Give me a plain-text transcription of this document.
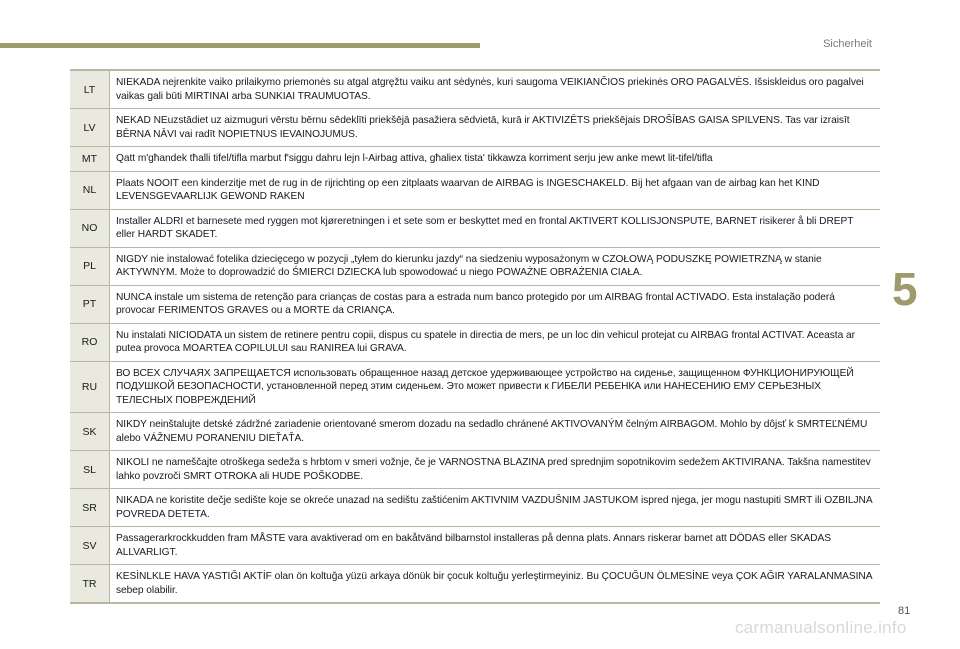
Sicherheit
5
LT	NIEKADA nejrenkite vaiko prilaikymo priemonės su atgal atgręžtu vaiku ant sėdynės, kuri saugoma VEIKIANČIOS priekinės ORO PAGALVĖS. Išsiskleidus oro pagalvei vaikas gali būti MIRTINAI arba SUNKIAI TRAUMUOTAS.
LV	NEKAD NEuzstādiet uz aizmuguri vērstu bērnu sēdeklīti priekšējā pasažiera sēdvietā, kurā ir AKTIVIZĒTS priekšējais DROŠĪBAS GAISA SPILVENS. Tas var izraisīt BĒRNA NĀVI vai radīt NOPIETNUS IEVAINOJUMUS.
MT	Qatt m'għandek tħalli tifel/tifla marbut f'siggu dahru lejn l-Airbag attiva, għaliex tista' tikkawza korriment serju jew anke mewt lit-tifel/tifla
NL	Plaats NOOIT een kinderzitje met de rug in de rijrichting op een zitplaats waarvan de AIRBAG is INGESCHAKELD. Bij het afgaan van de airbag kan het KIND LEVENSGEVAARLIJK GEWOND RAKEN
NO	Installer ALDRI et barnesete med ryggen mot kjøreretningen i et sete som er beskyttet med en frontal AKTIVERT KOLLISJONSPUTE, BARNET risikerer å bli DREPT eller HARDT SKADET.
PL	NIGDY nie instalować fotelika dziecięcego w pozycji „tyłem do kierunku jazdy“ na siedzeniu wyposażonym w CZOŁOWĄ PODUSZKĘ POWIETRZNĄ w stanie AKTYWNYM. Może to doprowadzić do ŚMIERCI DZIECKA lub spowodować u niego POWAŻNE OBRAŻENIA CIAŁA.
PT	NUNCA instale um sistema de retenção para crianças de costas para a estrada num banco protegido por um AIRBAG frontal ACTIVADO. Esta instalação poderá provocar FERIMENTOS GRAVES ou a MORTE da CRIANÇA.
RO	Nu instalati NICIODATA un sistem de retinere pentru copii, dispus cu spatele in directia de mers, pe un loc din vehicul protejat cu AIRBAG frontal ACTIVAT. Aceasta ar putea provoca MOARTEA COPILULUI sau RANIREA lui GRAVA.
RU	ВО ВСЕХ СЛУЧАЯХ ЗАПРЕЩАЕТСЯ использовать обращенное назад детское удерживающее устройство на сиденье, защищенном ФУНКЦИОНИРУЮЩЕЙ ПОДУШКОЙ БЕЗОПАСНОСТИ, установленной перед этим сиденьем. Это может привести к ГИБЕЛИ РЕБЕНКА или НАНЕСЕНИЮ ЕМУ СЕРЬЕЗНЫХ ТЕЛЕСНЫХ ПОВРЕЖДЕНИЙ
SK	NIKDY neinštalujte detské zádržné zariadenie orientované smerom dozadu na sedadlo chránené AKTIVOVANÝM čelným AIRBAGOM. Mohlo by dôjsť k SMRTEĽNÉMU alebo VÁŽNEMU PORANENIU DIEŤAŤA.
SL	NIKOLI ne nameščajte otroškega sedeža s hrbtom v smeri vožnje, če je VARNOSTNA BLAZINA pred sprednjim sopotnikovim sedežem AKTIVIRANA. Takšna namestitev lahko povzroči SMRT OTROKA ali HUDE POŠKODBE.
SR	NIKADA ne koristite dečje sedište koje se okreće unazad na sedištu zaštićenim AKTIVNIM VAZDUŠNIM JASTUKOM ispred njega, jer mogu nastupiti SMRT ili OZBILJNA POVREDA DETETA.
SV	Passagerarkrockkudden fram MÅSTE vara avaktiverad om en bakåtvänd bilbarnstol installeras på denna plats. Annars riskerar barnet att DÖDAS eller SKADAS ALLVARLIGT.
TR	KESİNLKLE HAVA YASTIĞI AKTİF olan ön koltuğa yüzü arkaya dönük bir çocuk koltuğu yerleştirmeyiniz. Bu ÇOCUĞUN ÖLMESİNE veya ÇOK AĞIR YARALANMASINA sebep olabilir.
81
carmanualsonline.info
